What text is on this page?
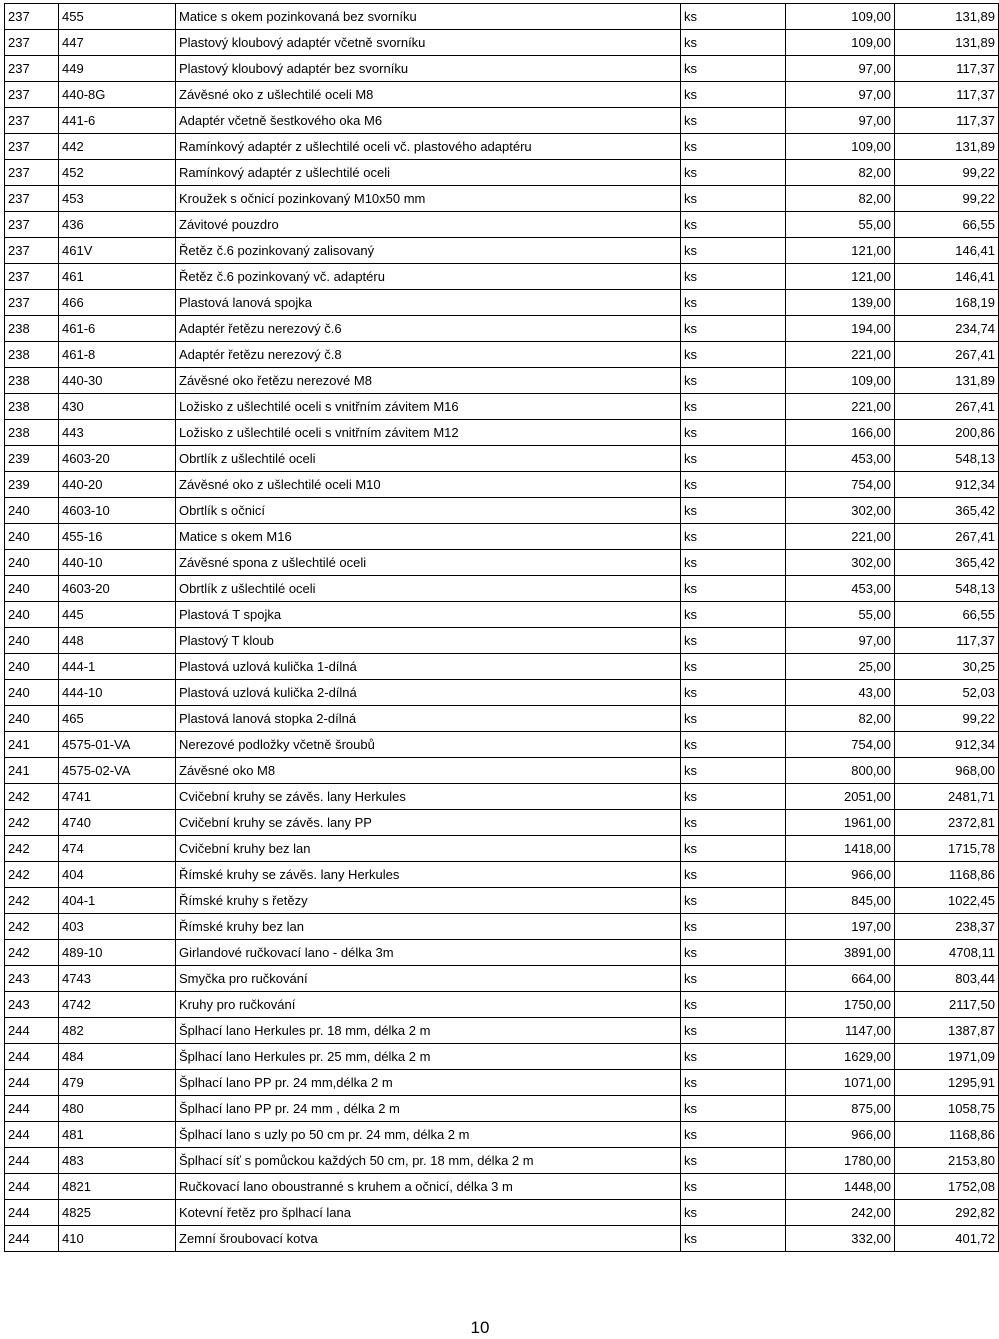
237	455	Matice s okem pozinkovaná bez svorníku	ks	109,00	131,89
237	447	Plastový kloubový adaptér včetně svorníku	ks	109,00	131,89
237	449	Plastový kloubový adaptér bez svorníku	ks	97,00	117,37
237	440-8G	Závěsné oko z ušlechtilé oceli M8	ks	97,00	117,37
237	441-6	Adaptér včetně šestkového oka M6	ks	97,00	117,37
237	442	Ramínkový adaptér z ušlechtilé oceli vč. plastového adaptéru	ks	109,00	131,89
237	452	Ramínkový adaptér z ušlechtilé oceli	ks	82,00	99,22
237	453	Kroužek s očnicí pozinkovaný M10x50 mm	ks	82,00	99,22
237	436	Závitové pouzdro	ks	55,00	66,55
237	461V	Řetěz č.6 pozinkovaný zalisovaný	ks	121,00	146,41
237	461	Řetěz č.6 pozinkovaný vč. adaptéru	ks	121,00	146,41
237	466	Plastová lanová spojka	ks	139,00	168,19
238	461-6	Adaptér řetězu nerezový č.6	ks	194,00	234,74
238	461-8	Adaptér řetězu nerezový č.8	ks	221,00	267,41
238	440-30	Závěsné oko řetězu nerezové M8	ks	109,00	131,89
238	430	Ložisko z ušlechtilé oceli s vnitřním závitem M16	ks	221,00	267,41
238	443	Ložisko z ušlechtilé oceli s vnitřním závitem M12	ks	166,00	200,86
239	4603-20	Obrtlík z ušlechtilé oceli	ks	453,00	548,13
239	440-20	Závěsné oko z ušlechtilé oceli M10	ks	754,00	912,34
240	4603-10	Obrtlík s očnicí	ks	302,00	365,42
240	455-16	Matice s okem M16	ks	221,00	267,41
240	440-10	Závěsné spona z ušlechtilé oceli	ks	302,00	365,42
240	4603-20	Obrtlík z ušlechtilé oceli	ks	453,00	548,13
240	445	Plastová T spojka	ks	55,00	66,55
240	448	Plastový T kloub	ks	97,00	117,37
240	444-1	Plastová uzlová kulička 1-dílná	ks	25,00	30,25
240	444-10	Plastová uzlová kulička 2-dílná	ks	43,00	52,03
240	465	Plastová lanová stopka 2-dílná	ks	82,00	99,22
241	4575-01-VA	Nerezové podložky včetně šroubů	ks	754,00	912,34
241	4575-02-VA	Závěsné oko M8	ks	800,00	968,00
242	4741	Cvičební kruhy se závěs. lany Herkules	ks	2051,00	2481,71
242	4740	Cvičební kruhy se závěs. lany PP	ks	1961,00	2372,81
242	474	Cvičební kruhy bez lan	ks	1418,00	1715,78
242	404	Římské kruhy se závěs. lany Herkules	ks	966,00	1168,86
242	404-1	Římské kruhy s řetězy	ks	845,00	1022,45
242	403	Římské kruhy bez lan	ks	197,00	238,37
242	489-10	Girlandové ručkovací lano - délka 3m	ks	3891,00	4708,11
243	4743	Smyčka pro ručkování	ks	664,00	803,44
243	4742	Kruhy pro ručkování	ks	1750,00	2117,50
244	482	Šplhací lano Herkules pr. 18 mm, délka 2 m	ks	1147,00	1387,87
244	484	Šplhací lano Herkules pr. 25 mm, délka 2 m	ks	1629,00	1971,09
244	479	Šplhací lano PP pr. 24 mm,délka 2 m	ks	1071,00	1295,91
244	480	Šplhací lano PP pr. 24 mm , délka 2 m	ks	875,00	1058,75
244	481	Šplhací lano s uzly po 50 cm pr. 24 mm, délka 2 m	ks	966,00	1168,86
244	483	Šplhací síť s pomůckou každých 50 cm, pr. 18 mm, délka 2 m	ks	1780,00	2153,80
244	4821	Ručkovací lano oboustranné s kruhem a očnicí, délka 3 m	ks	1448,00	1752,08
244	4825	Kotevní řetěz pro šplhací lana	ks	242,00	292,82
244	410	Zemní šroubovací kotva	ks	332,00	401,72
10
